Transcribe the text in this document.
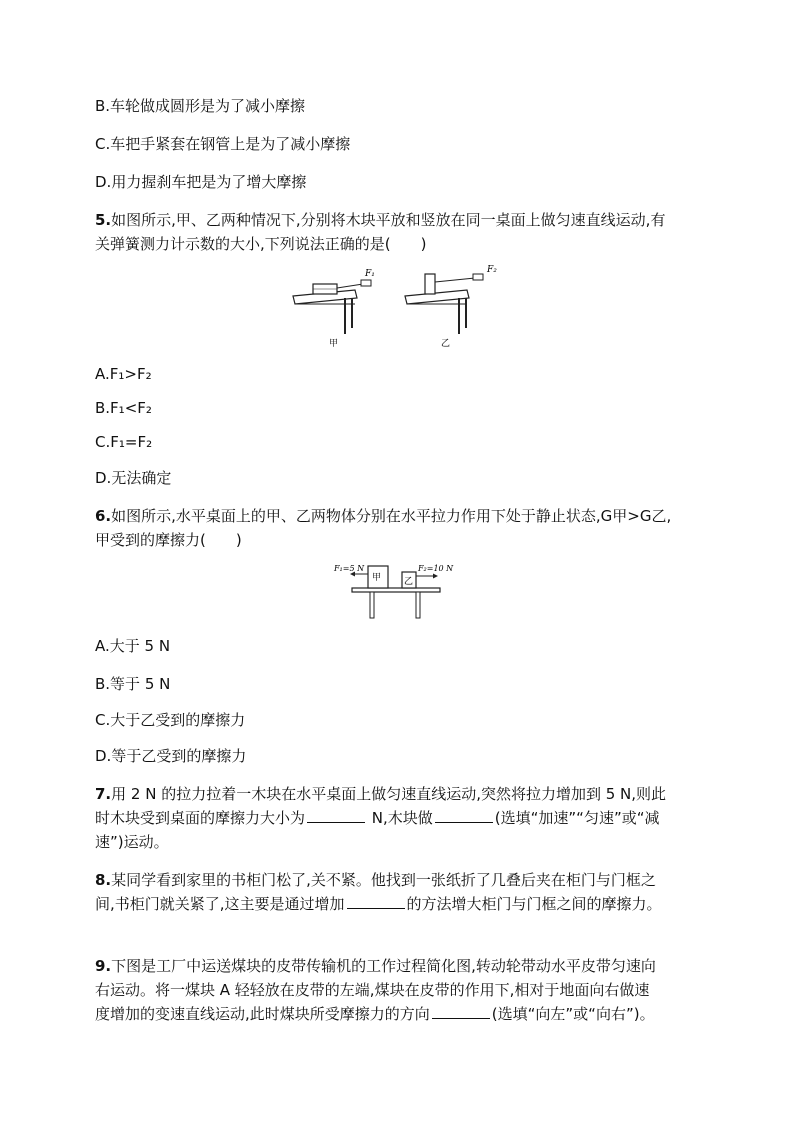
B.车轮做成圆形是为了减小摩擦
C.车把手紧套在钢管上是为了减小摩擦
D.用力握刹车把是为了增大摩擦
5.如图所示,甲、乙两种情况下,分别将木块平放和竖放在同一桌面上做匀速直线运动,有
关弹簧测力计示数的大小,下列说法正确的是(　　)
F₁	F₂
甲	乙
A.F₁>F₂
B.F₁<F₂
C.F₁=F₂
D.无法确定
6.如图所示,水平桌面上的甲、乙两物体分别在水平拉力作用下处于静止状态,G甲>G乙,
甲受到的摩擦力(　　)
甲	乙
F₁=5 N	F₂=10 N
A.大于 5 N
B.等于 5 N
C.大于乙受到的摩擦力
D.等于乙受到的摩擦力
7.用 2 N 的拉力拉着一木块在水平桌面上做匀速直线运动,突然将拉力增加到 5 N,则此
时木块受到桌面的摩擦力大小为	N,木块做	(选填“加速”“匀速”或“减
速”)运动。
8.某同学看到家里的书柜门松了,关不紧。他找到一张纸折了几叠后夹在柜门与门框之
间,书柜门就关紧了,这主要是通过增加	的方法增大柜门与门框之间的摩擦力。
9.下图是工厂中运送煤块的皮带传输机的工作过程简化图,转动轮带动水平皮带匀速向
右运动。将一煤块 A 轻轻放在皮带的左端,煤块在皮带的作用下,相对于地面向右做速
度增加的变速直线运动,此时煤块所受摩擦力的方向	(选填“向左”或“向右”)。
